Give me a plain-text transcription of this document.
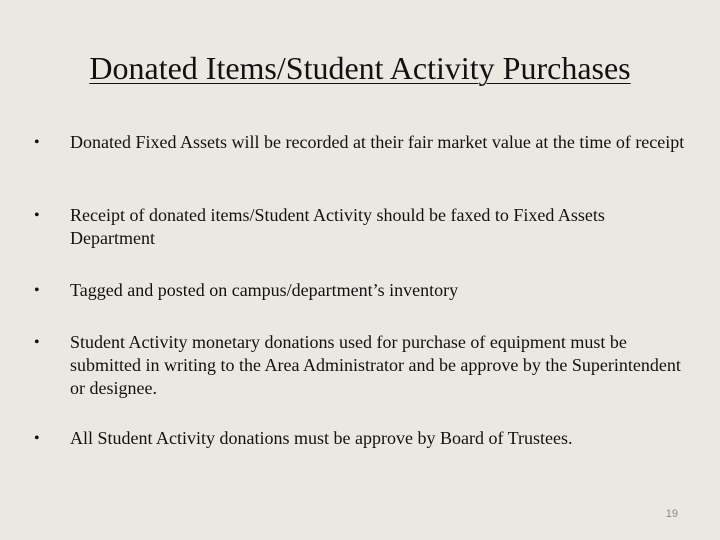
Donated Items/Student Activity Purchases
•	Donated Fixed Assets will be recorded at their fair market value at the time of receipt
•	Receipt of donated items/Student Activity should be faxed to Fixed Assets Department
•	Tagged and posted on campus/department’s inventory
•	Student Activity monetary donations used for purchase of equipment must be submitted in writing to the Area Administrator and be approve by the Superintendent or designee.
•	All Student Activity donations must be approve by Board of Trustees.
19
